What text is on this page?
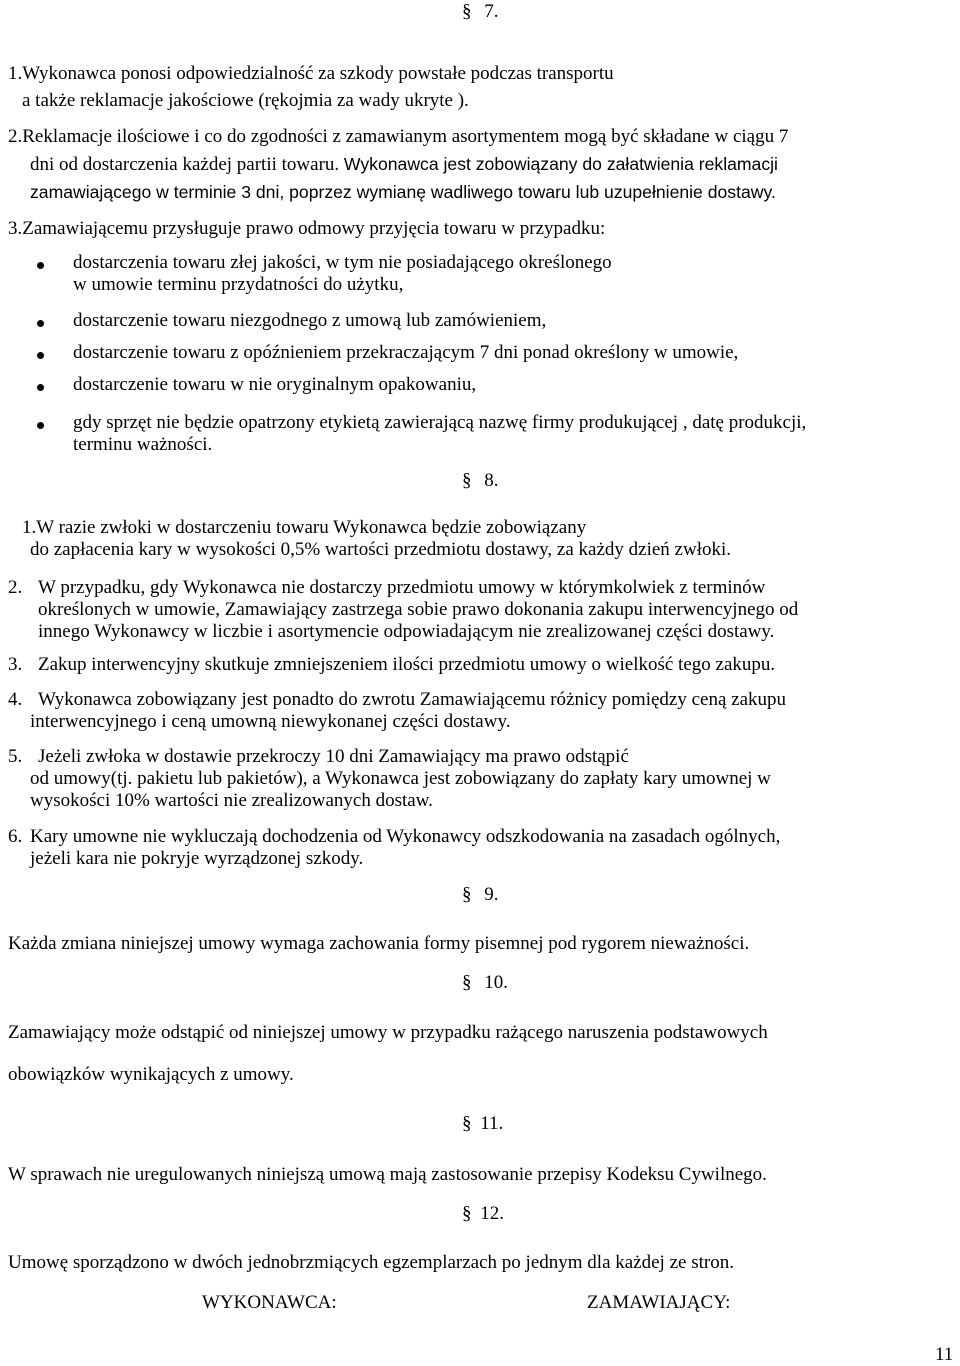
§ 7.
1.Wykonawca ponosi odpowiedzialność za szkody powstałe podczas transportu
a także reklamacje jakościowe (rękojmia za wady ukryte ).
2.Reklamacje ilościowe i co do zgodności z zamawianym asortymentem mogą być składane w ciągu 7
dni od dostarczenia każdej partii towaru. Wykonawca jest zobowiązany do załatwienia reklamacji
zamawiającego w terminie 3 dni, poprzez wymianę wadliwego towaru lub uzupełnienie dostawy.
3.Zamawiającemu przysługuje prawo odmowy przyjęcia towaru w przypadku:
dostarczenia towaru złej jakości, w tym nie posiadającego określonego
w umowie terminu przydatności do użytku,
dostarczenie towaru niezgodnego z umową lub zamówieniem,
dostarczenie towaru z opóźnieniem przekraczającym 7 dni ponad określony w umowie,
dostarczenie towaru w nie oryginalnym opakowaniu,
gdy sprzęt nie będzie opatrzony etykietą zawierającą nazwę firmy produkującej , datę produkcji,
terminu ważności.
§ 8.
1.W razie zwłoki w dostarczeniu towaru Wykonawca będzie zobowiązany
do zapłacenia kary w wysokości 0,5% wartości przedmiotu dostawy, za każdy dzień zwłoki.
2. W przypadku, gdy Wykonawca nie dostarczy przedmiotu umowy w którymkolwiek z terminów
określonych w umowie, Zamawiający zastrzega sobie prawo dokonania zakupu interwencyjnego od
innego Wykonawcy w liczbie i asortymencie odpowiadającym nie zrealizowanej części dostawy.
3. Zakup interwencyjny skutkuje zmniejszeniem ilości przedmiotu umowy o wielkość tego zakupu.
4. Wykonawca zobowiązany jest ponadto do zwrotu Zamawiającemu różnicy pomiędzy ceną zakupu
interwencyjnego i ceną umowną niewykonanej części dostawy.
5. Jeżeli zwłoka w dostawie przekroczy 10 dni Zamawiający ma prawo odstąpić
od umowy(tj. pakietu lub pakietów), a Wykonawca jest zobowiązany do zapłaty kary umownej w
wysokości 10% wartości nie zrealizowanych dostaw.
6. Kary umowne nie wykluczają dochodzenia od Wykonawcy odszkodowania na zasadach ogólnych,
jeżeli kara nie pokryje wyrządzonej szkody.
§ 9.
Każda zmiana niniejszej umowy wymaga zachowania formy pisemnej pod rygorem nieważności.
§ 10.
Zamawiający może odstąpić od niniejszej umowy w przypadku rażącego naruszenia podstawowych
obowiązków wynikających z umowy.
§ 11.
W sprawach nie uregulowanych niniejszą umową mają zastosowanie przepisy Kodeksu Cywilnego.
§ 12.
Umowę sporządzono w dwóch jednobrzmiących egzemplarzach po jednym dla każdej ze stron.
WYKONAWCA:	ZAMAWIAJĄCY:
11
